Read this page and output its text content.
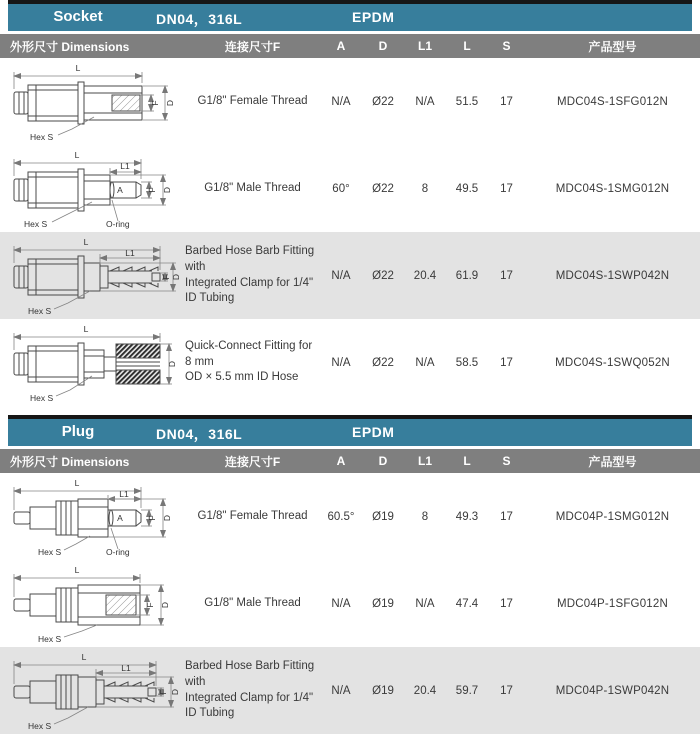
Socket	DN04，316L	EPDM
外形尺寸 Dimensions	连接尺寸F	A	D	L1	L	S	产品型号
L
F D
Hex S
G1/8" Female Thread	N/A	Ø22	N/A	51.5	17	MDC04S-1SFG012N
L
L1
A	F D
Hex S	O-ring
G1/8" Male Thread	60°	Ø22	8	49.5	17	MDC04S-1SMG012N
L
L1
F D
Hex S
Barbed Hose Barb Fitting with
Integrated Clamp for 1/4" ID Tubing
N/A	Ø22	20.4	61.9	17	MDC04S-1SWP042N
L
D
Hex S
Quick-Connect Fitting for 8 mm
OD × 5.5 mm ID Hose
N/A	Ø22	N/A	58.5	17	MDC04S-1SWQ052N
Plug	DN04，316L	EPDM
外形尺寸 Dimensions	连接尺寸F	A	D	L1	L	S	产品型号
L
L1
A	F D
Hex S	O-ring
G1/8" Female Thread	60.5°	Ø19	8	49.3	17	MDC04P-1SMG012N
L
F D
Hex S
G1/8" Male Thread	N/A	Ø19	N/A	47.4	17	MDC04P-1SFG012N
L
L1
F D
Hex S
Barbed Hose Barb Fitting with
Integrated Clamp for 1/4" ID Tubing
N/A	Ø19	20.4	59.7	17	MDC04P-1SWP042N
